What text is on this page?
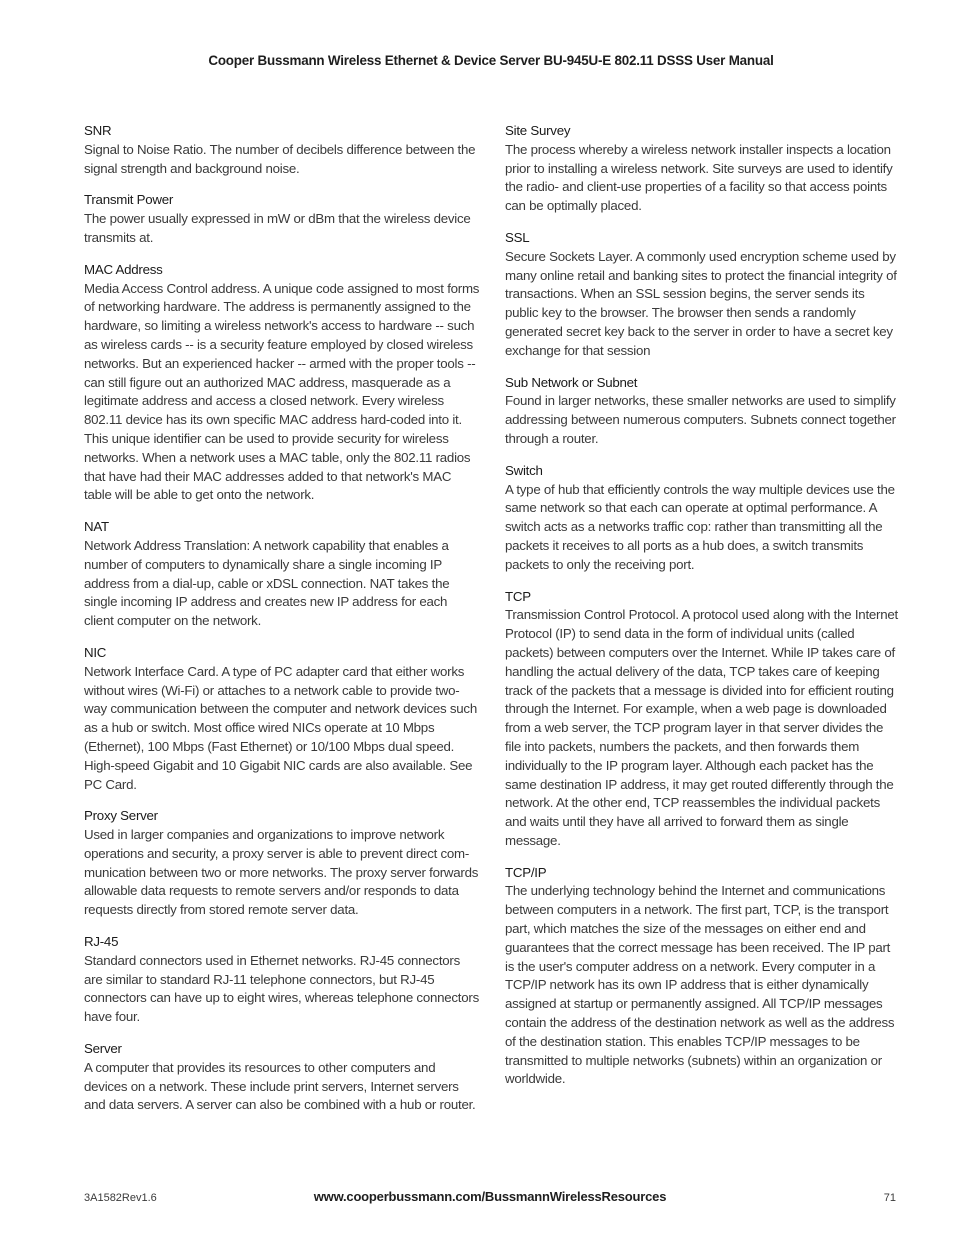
Cooper Bussmann Wireless Ethernet & Device Server BU-945U-E 802.11 DSSS User Manual
SNR
Signal to Noise Ratio. The number of decibels difference between the signal strength and background noise.
Transmit Power
The power usually expressed in mW or dBm that the wireless device transmits at.
MAC Address
Media Access Control address. A unique code assigned to most forms of networking hardware. The address is permanently assigned to the hardware, so limiting a wireless network's access to hardware -- such as wireless cards -- is a security feature employed by closed wireless networks. But an experienced hacker -- armed with the proper tools -- can still figure out an authorized MAC address, masquerade as a legitimate address and access a closed network. Every wireless 802.11 device has its own specific MAC address hard-coded into it. This unique identifier can be used to provide security for wireless networks. When a network uses a MAC table, only the 802.11 radios that have had their MAC addresses added to that network's MAC table will be able to get onto the network.
NAT
Network Address Translation: A network capability that enables a number of computers to dynamically share a single incoming IP address from a dial-up, cable or xDSL connection. NAT takes the single incoming IP address and creates new IP address for each client computer on the network.
NIC
Network Interface Card. A type of PC adapter card that either works without wires (Wi-Fi) or attaches to a network cable to provide two-way communication between the computer and network devices such as a hub or switch. Most office wired NICs operate at 10 Mbps (Ethernet), 100 Mbps (Fast Ethernet) or 10/100 Mbps dual speed. High-speed Gigabit and 10 Gigabit NIC cards are also available. See PC Card.
Proxy Server
Used in larger companies and organizations to improve network operations and security, a proxy server is able to prevent direct com-munication between two or more networks. The proxy server forwards allowable data requests to remote servers and/or responds to data requests directly from stored remote server data.
RJ-45
Standard connectors used in Ethernet networks. RJ-45 connectors are similar to standard RJ-11 telephone connectors, but RJ-45 connectors can have up to eight wires, whereas telephone connectors have four.
Server
A computer that provides its resources to other computers and devices on a network. These include print servers, Internet servers and data servers. A server can also be combined with a hub or router.
Site Survey
The process whereby a wireless network installer inspects a location prior to installing a wireless network. Site surveys are used to identify the radio- and client-use properties of a facility so that access points can be optimally placed.
SSL
Secure Sockets Layer. A commonly used encryption scheme used by many online retail and banking sites to protect the financial integrity of transactions. When an SSL session begins, the server sends its public key to the browser. The browser then sends a randomly generated secret key back to the server in order to have a secret key exchange for that session
Sub Network or Subnet
Found in larger networks, these smaller networks are used to simplify addressing between numerous computers. Subnets connect together through a router.
Switch
A type of hub that efficiently controls the way multiple devices use the same network so that each can operate at optimal performance. A switch acts as a networks traffic cop: rather than transmitting all the packets it receives to all ports as a hub does, a switch transmits packets to only the receiving port.
TCP
Transmission Control Protocol. A protocol used along with the Internet Protocol (IP) to send data in the form of individual units (called packets) between computers over the Internet. While IP takes care of handling the actual delivery of the data, TCP takes care of keeping track of the packets that a message is divided into for efficient routing through the Internet. For example, when a web page is downloaded from a web server, the TCP program layer in that server divides the file into packets, numbers the packets, and then forwards them individually to the IP program layer. Although each packet has the same destination IP address, it may get routed differently through the network. At the other end, TCP reassembles the individual packets and waits until they have all arrived to forward them as single message.
TCP/IP
The underlying technology behind the Internet and communications between computers in a network. The first part, TCP, is the transport part, which matches the size of the messages on either end and guarantees that the correct message has been received. The IP part is the user's computer address on a network. Every computer in a TCP/IP network has its own IP address that is either dynamically assigned at startup or permanently assigned. All TCP/IP messages contain the address of the destination network as well as the address of the destination station. This enables TCP/IP messages to be transmitted to multiple networks (subnets) within an organization or worldwide.
3A1582Rev1.6	www.cooperbussmann.com/BussmannWirelessResources	71
